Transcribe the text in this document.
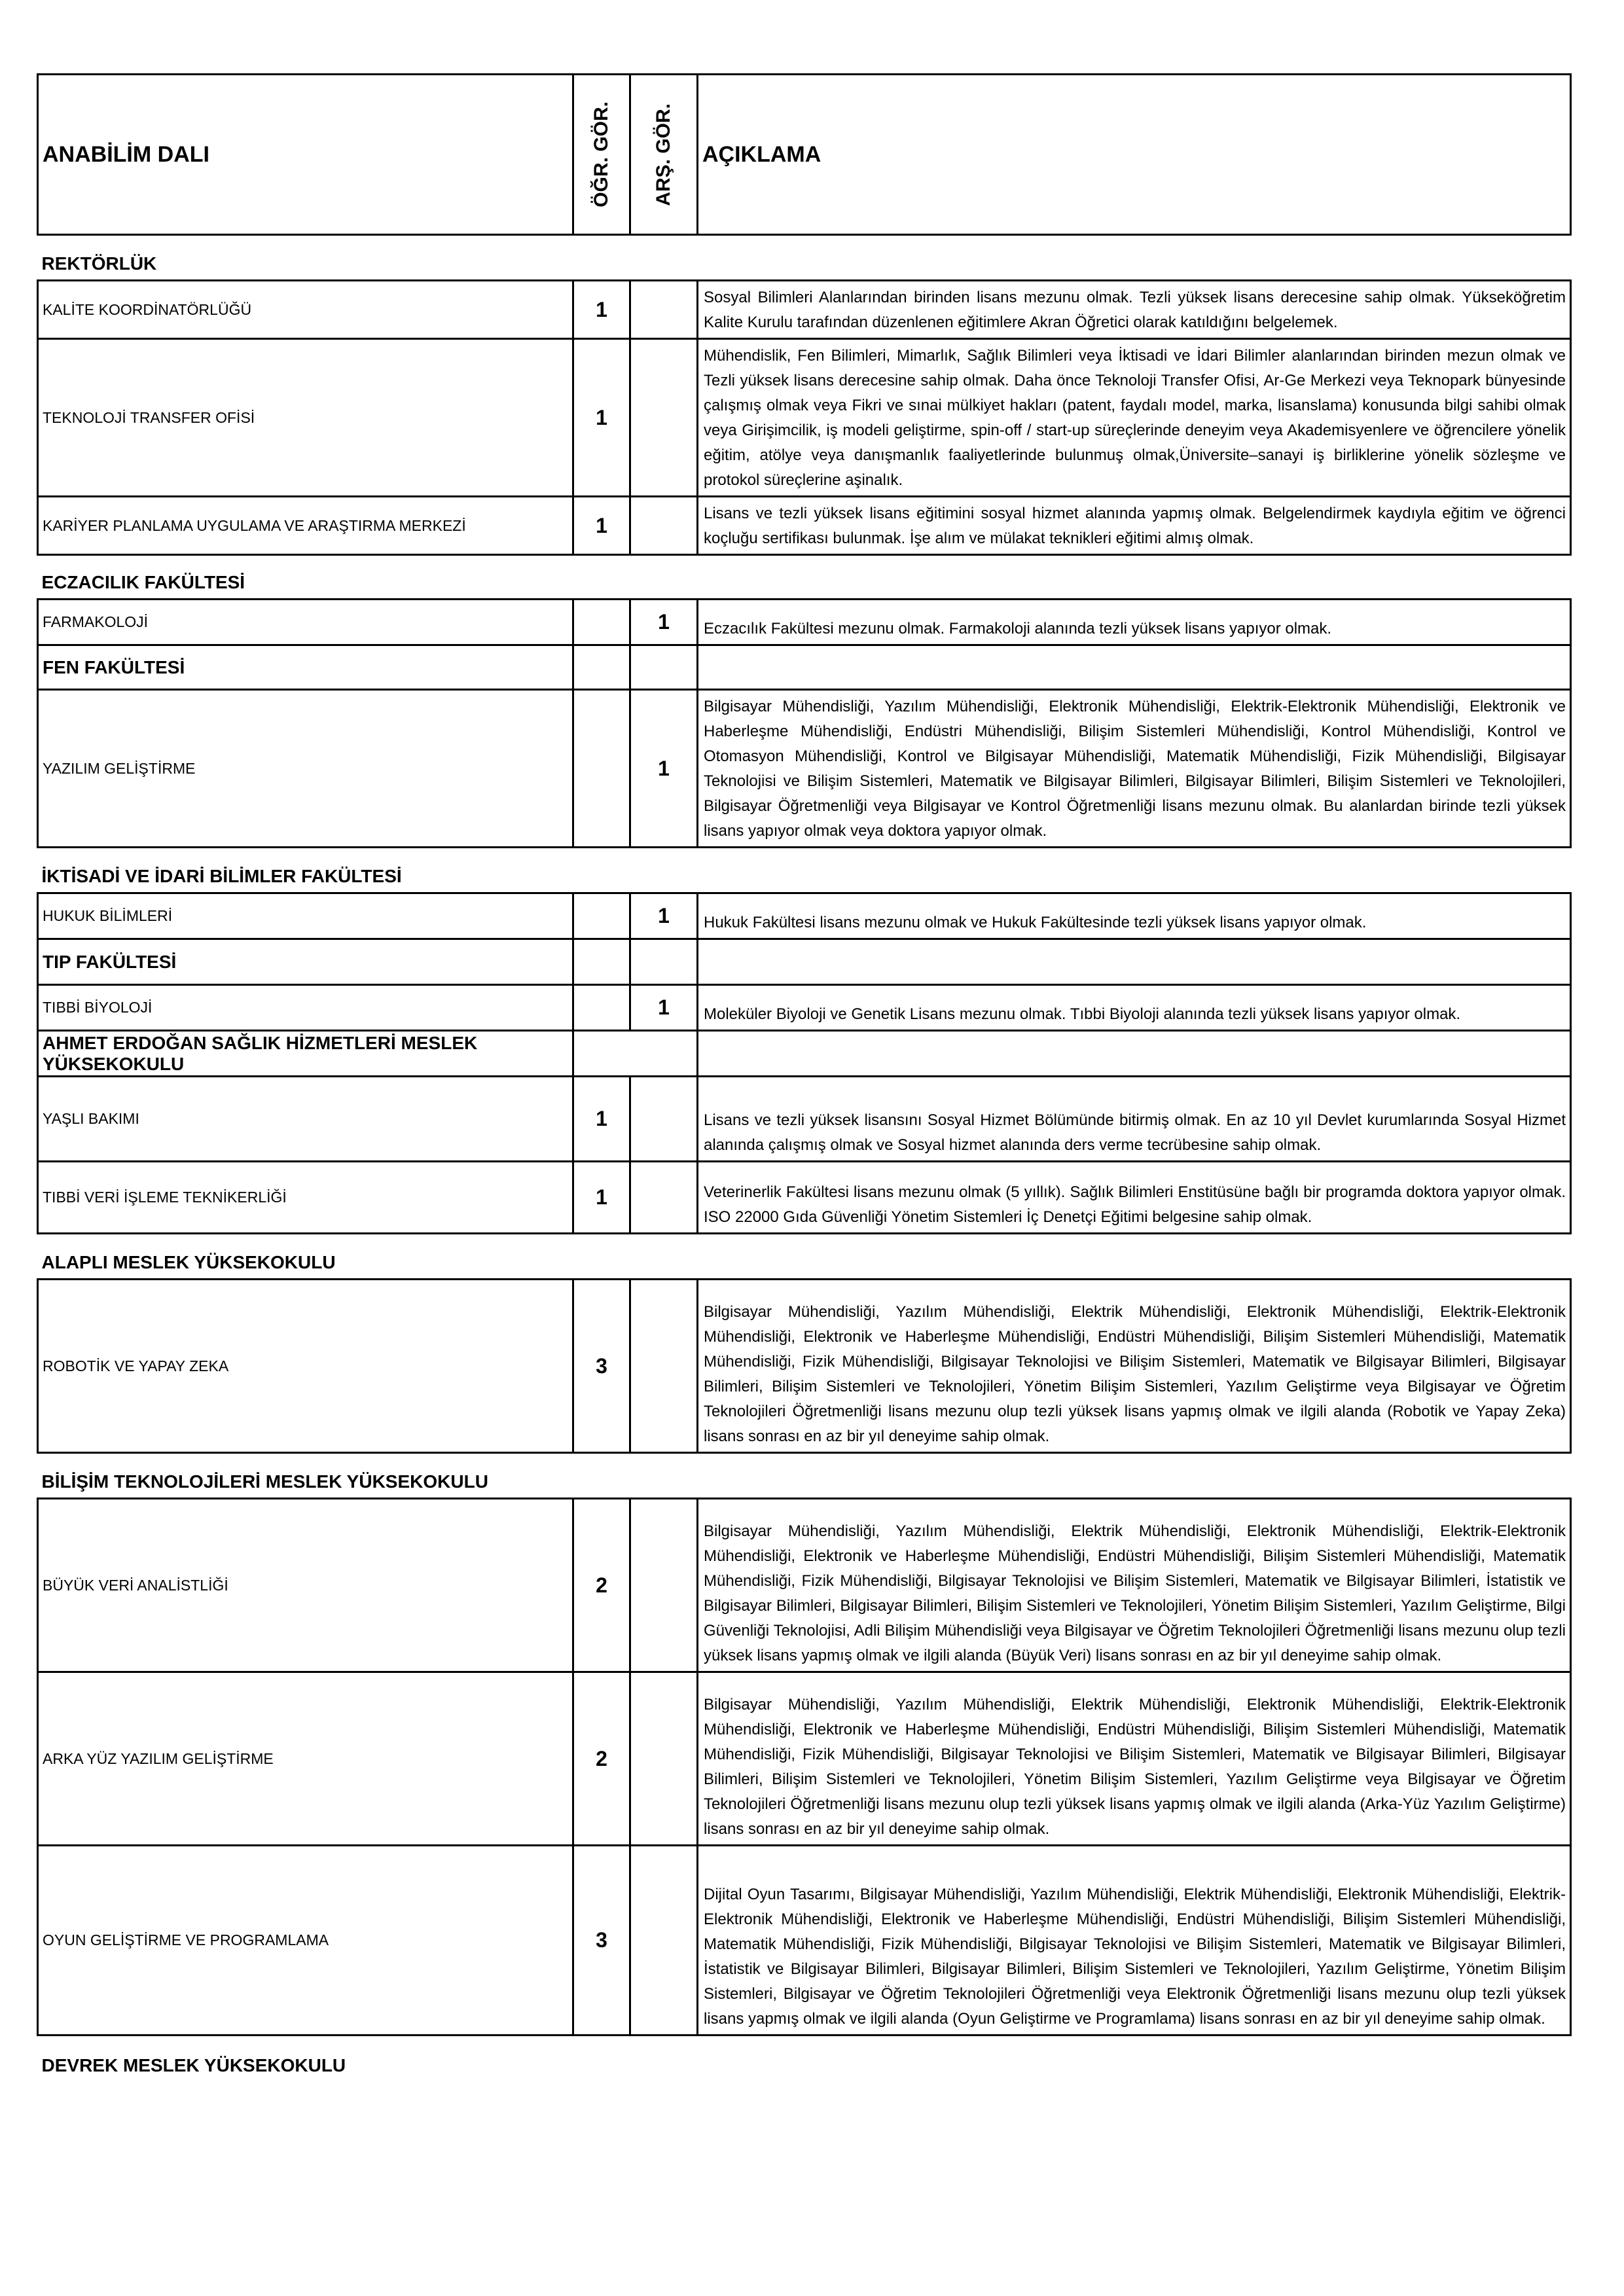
ANABİLİM DALI	ÖĞR. GÖR.	ARŞ. GÖR.	AÇIKLAMA

REKTÖRLÜK			

KALİTE KOORDİNATÖRLÜĞÜ	1		Sosyal Bilimleri Alanlarından birinden lisans mezunu olmak. Tezli yüksek lisans derecesine sahip olmak. Yükseköğretim Kalite Kurulu tarafından düzenlenen eğitimlere Akran Öğretici olarak katıldığını belgelemek.

TEKNOLOJİ TRANSFER OFİSİ	1		Mühendislik, Fen Bilimleri, Mimarlık, Sağlık Bilimleri veya İktisadi ve İdari Bilimler alanlarından birinden mezun olmak ve Tezli yüksek lisans derecesine sahip olmak. Daha önce Teknoloji Transfer Ofisi, Ar-Ge Merkezi veya Teknopark bünyesinde çalışmış olmak veya Fikri ve sınai mülkiyet hakları (patent, faydalı model, marka, lisanslama) konusunda bilgi sahibi olmak veya Girişimcilik, iş modeli geliştirme, spin-off / start-up süreçlerinde deneyim veya Akademisyenlere ve öğrencilere yönelik eğitim, atölye veya danışmanlık faaliyetlerinde bulunmuş olmak,Üniversite–sanayi iş birliklerine yönelik sözleşme ve protokol süreçlerine aşinalık.

KARİYER PLANLAMA UYGULAMA VE ARAŞTIRMA MERKEZİ	1		Lisans ve tezli yüksek lisans eğitimini sosyal hizmet alanında yapmış olmak. Belgelendirmek kaydıyla eğitim ve öğrenci koçluğu sertifikası bulunmak. İşe alım ve mülakat teknikleri eğitimi almış olmak.

ECZACILIK FAKÜLTESİ			

FARMAKOLOJİ		1	Eczacılık Fakültesi mezunu olmak. Farmakoloji alanında tezli yüksek lisans yapıyor olmak.

FEN FAKÜLTESİ			

YAZILIM GELİŞTİRME		1	Bilgisayar Mühendisliği, Yazılım Mühendisliği, Elektronik Mühendisliği, Elektrik-Elektronik Mühendisliği, Elektronik ve Haberleşme Mühendisliği, Endüstri Mühendisliği, Bilişim Sistemleri Mühendisliği, Kontrol Mühendisliği, Kontrol ve Otomasyon Mühendisliği, Kontrol ve Bilgisayar Mühendisliği, Matematik Mühendisliği, Fizik Mühendisliği, Bilgisayar Teknolojisi ve Bilişim Sistemleri, Matematik ve Bilgisayar Bilimleri, Bilgisayar Bilimleri, Bilişim Sistemleri ve Teknolojileri, Bilgisayar Öğretmenliği veya Bilgisayar ve Kontrol Öğretmenliği lisans mezunu olmak. Bu alanlardan birinde tezli yüksek lisans yapıyor olmak veya doktora yapıyor olmak.

İKTİSADİ VE İDARİ BİLİMLER FAKÜLTESİ			

HUKUK BİLİMLERİ		1	Hukuk Fakültesi lisans mezunu olmak ve Hukuk Fakültesinde tezli yüksek lisans yapıyor olmak.

TIP FAKÜLTESİ			

TIBBİ BİYOLOJİ		1	Moleküler Biyoloji ve Genetik Lisans mezunu olmak. Tıbbi Biyoloji alanında tezli yüksek lisans yapıyor olmak.

AHMET ERDOĞAN SAĞLIK HİZMETLERİ MESLEK YÜKSEKOKULU			

YAŞLI BAKIMI	1		Lisans ve tezli yüksek lisansını Sosyal Hizmet Bölümünde bitirmiş olmak. En az 10 yıl Devlet kurumlarında Sosyal Hizmet alanında çalışmış olmak ve Sosyal hizmet alanında ders verme tecrübesine sahip olmak.

TIBBİ VERİ İŞLEME TEKNİKERLİĞİ	1		Veterinerlik Fakültesi lisans mezunu olmak (5 yıllık). Sağlık Bilimleri Enstitüsüne bağlı bir programda doktora yapıyor olmak. ISO 22000 Gıda Güvenliği Yönetim Sistemleri İç Denetçi Eğitimi belgesine sahip olmak.

ALAPLI MESLEK YÜKSEKOKULU			

ROBOTİK VE YAPAY ZEKA	3		Bilgisayar Mühendisliği, Yazılım Mühendisliği, Elektrik Mühendisliği, Elektronik Mühendisliği, Elektrik-Elektronik Mühendisliği, Elektronik ve Haberleşme Mühendisliği, Endüstri Mühendisliği, Bilişim Sistemleri Mühendisliği, Matematik Mühendisliği, Fizik Mühendisliği, Bilgisayar Teknolojisi ve Bilişim Sistemleri, Matematik ve Bilgisayar Bilimleri, Bilgisayar Bilimleri, Bilişim Sistemleri ve Teknolojileri, Yönetim Bilişim Sistemleri, Yazılım Geliştirme veya Bilgisayar ve Öğretim Teknolojileri Öğretmenliği lisans mezunu olup tezli yüksek lisans yapmış olmak ve ilgili alanda (Robotik ve Yapay Zeka) lisans sonrası en az bir yıl deneyime sahip olmak.

BİLİŞİM TEKNOLOJİLERİ MESLEK YÜKSEKOKULU			

BÜYÜK VERİ ANALİSTLİĞİ	2		Bilgisayar Mühendisliği, Yazılım Mühendisliği, Elektrik Mühendisliği, Elektronik Mühendisliği, Elektrik-Elektronik Mühendisliği, Elektronik ve Haberleşme Mühendisliği, Endüstri Mühendisliği, Bilişim Sistemleri Mühendisliği, Matematik Mühendisliği, Fizik Mühendisliği, Bilgisayar Teknolojisi ve Bilişim Sistemleri, Matematik ve Bilgisayar Bilimleri, İstatistik ve Bilgisayar Bilimleri, Bilgisayar Bilimleri, Bilişim Sistemleri ve Teknolojileri, Yönetim Bilişim Sistemleri, Yazılım Geliştirme, Bilgi Güvenliği Teknolojisi, Adli Bilişim Mühendisliği veya Bilgisayar ve Öğretim Teknolojileri Öğretmenliği lisans mezunu olup tezli yüksek lisans yapmış olmak ve ilgili alanda (Büyük Veri) lisans sonrası en az bir yıl deneyime sahip olmak.

ARKA YÜZ YAZILIM GELİŞTİRME	2		Bilgisayar Mühendisliği, Yazılım Mühendisliği, Elektrik Mühendisliği, Elektronik Mühendisliği, Elektrik-Elektronik Mühendisliği, Elektronik ve Haberleşme Mühendisliği, Endüstri Mühendisliği, Bilişim Sistemleri Mühendisliği, Matematik Mühendisliği, Fizik Mühendisliği, Bilgisayar Teknolojisi ve Bilişim Sistemleri, Matematik ve Bilgisayar Bilimleri, Bilgisayar Bilimleri, Bilişim Sistemleri ve Teknolojileri, Yönetim Bilişim Sistemleri, Yazılım Geliştirme veya Bilgisayar ve Öğretim Teknolojileri Öğretmenliği lisans mezunu olup tezli yüksek lisans yapmış olmak ve ilgili alanda (Arka-Yüz Yazılım Geliştirme) lisans sonrası en az bir yıl deneyime sahip olmak.

OYUN GELİŞTİRME VE PROGRAMLAMA	3		Dijital Oyun Tasarımı, Bilgisayar Mühendisliği, Yazılım Mühendisliği, Elektrik Mühendisliği, Elektronik Mühendisliği, Elektrik-Elektronik Mühendisliği, Elektronik ve Haberleşme Mühendisliği, Endüstri Mühendisliği, Bilişim Sistemleri Mühendisliği, Matematik Mühendisliği, Fizik Mühendisliği, Bilgisayar Teknolojisi ve Bilişim Sistemleri, Matematik ve Bilgisayar Bilimleri, İstatistik ve Bilgisayar Bilimleri, Bilgisayar Bilimleri, Bilişim Sistemleri ve Teknolojileri, Yazılım Geliştirme, Yönetim Bilişim Sistemleri, Bilgisayar ve Öğretim Teknolojileri Öğretmenliği veya Elektronik Öğretmenliği lisans mezunu olup tezli yüksek lisans yapmış olmak ve ilgili alanda (Oyun Geliştirme ve Programlama) lisans sonrası en az bir yıl deneyime sahip olmak.

DEVREK MESLEK YÜKSEKOKULU			
